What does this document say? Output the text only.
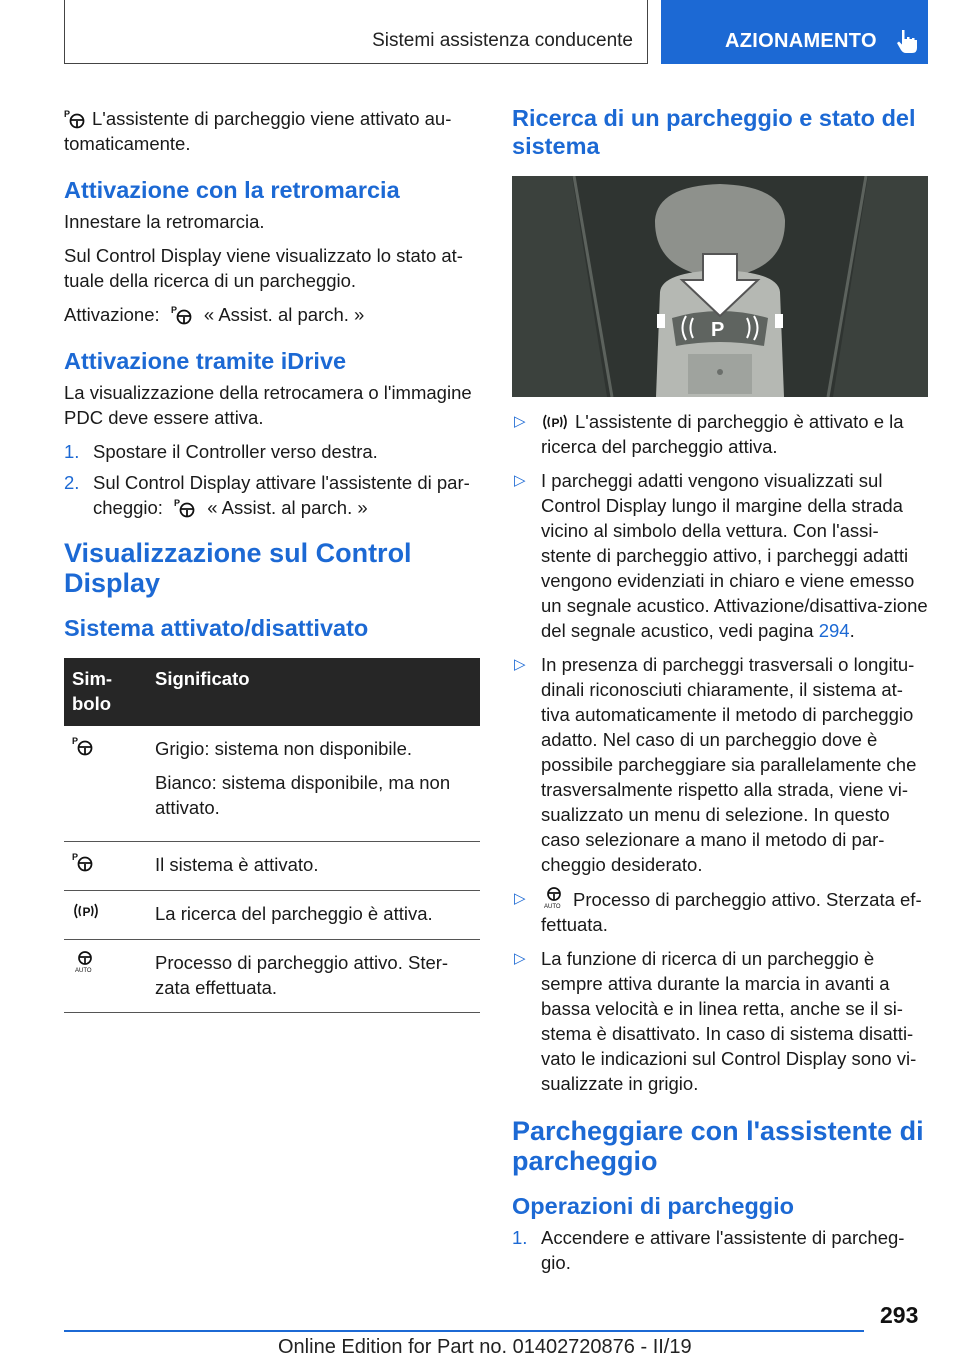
Sistemi assistenza conducente	AZIONAMENTO

P L'assistente di parcheggio viene attivato au-tomaticamente.

Attivazione con la retromarcia

Innestare la retromarcia.

Sul Control Display viene visualizzato lo stato at-tuale della ricerca di un parcheggio.

Attivazione: P « Assist. al parch. »

Attivazione tramite iDrive

La visualizzazione della retrocamera o l'immagine PDC deve essere attiva.

1. Spostare il Controller verso destra.
2. Sul Control Display attivare l'assistente di par-cheggio: P « Assist. al parch. »
Visualizzazione sul Control Display
Sistema attivato/disattivato
Sim-bolo	Significato

P	Grigio: sistema non disponibile.

Bianco: sistema disponibile, ma non attivato.

P	Il sistema è attivato.

P	La ricerca del parcheggio è attiva.

AUTO	Processo di parcheggio attivo. Ster-zata effettuata.
Ricerca di un parcheggio e stato del sistema
P
▷ P L'assistente di parcheggio è attivato e la ricerca del parcheggio attiva.
▷ I parcheggi adatti vengono visualizzati sul Control Display lungo il margine della strada vicino al simbolo della vettura. Con l'assi-stente di parcheggio attivo, i parcheggi adatti vengono evidenziati in chiaro e viene emesso un segnale acustico. Attivazione/disattiva-zione del segnale acustico, vedi pagina 294.
▷ In presenza di parcheggi trasversali o longitu-dinali riconosciuti chiaramente, il sistema at-tiva automaticamente il metodo di parcheggio adatto. Nel caso di un parcheggio dove è possibile parcheggiare sia parallelamente che trasversalmente rispetto alla strada, viene vi-sualizzato un menu di selezione. In questo caso selezionare a mano il metodo di par-cheggio desiderato.
▷	AUTO Processo di parcheggio attivo. Sterzata ef-fettuata.
▷ La funzione di ricerca di un parcheggio è sempre attiva durante la marcia in avanti a bassa velocità e in linea retta, anche se il si-stema è disattivato. In caso di sistema disatti-vato le indicazioni sul Control Display sono vi-sualizzate in grigio.
Parcheggiare con l'assistente di parcheggio
Operazioni di parcheggio
1. Accendere e attivare l'assistente di parcheg-gio.
293
Online Edition for Part no. 01402720876 - II/19
